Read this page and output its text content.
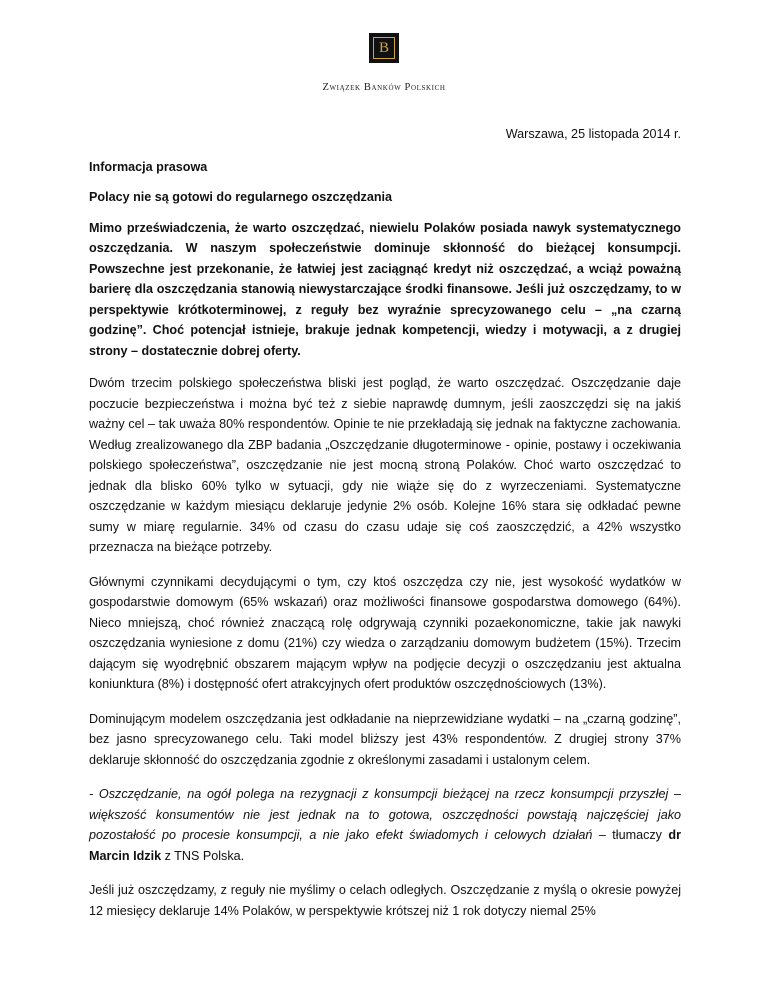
B
Związek Banków Polskich
Warszawa, 25 listopada 2014 r.

Informacja prasowa

Polacy nie są gotowi do regularnego oszczędzania

Mimo przeświadczenia, że warto oszczędzać, niewielu Polaków posiada nawyk systematycznego oszczędzania. W naszym społeczeństwie dominuje skłonność do bieżącej konsumpcji. Powszechne jest przekonanie, że łatwiej jest zaciągnąć kredyt niż oszczędzać, a wciąż poważną barierę dla oszczędzania stanowią niewystarczające środki finansowe. Jeśli już oszczędzamy, to w perspektywie krótkoterminowej, z reguły bez wyraźnie sprecyzowanego celu – „na czarną godzinę”. Choć potencjał istnieje, brakuje jednak kompetencji, wiedzy i motywacji, a z drugiej strony – dostatecznie dobrej oferty.

Dwóm trzecim polskiego społeczeństwa bliski jest pogląd, że warto oszczędzać. Oszczędzanie daje poczucie bezpieczeństwa i można być też z siebie naprawdę dumnym, jeśli zaoszczędzi się na jakiś ważny cel – tak uważa 80% respondentów. Opinie te nie przekładają się jednak na faktyczne zachowania. Według zrealizowanego dla ZBP badania „Oszczędzanie długoterminowe - opinie, postawy i oczekiwania polskiego społeczeństwa”, oszczędzanie nie jest mocną stroną Polaków. Choć warto oszczędzać to jednak dla blisko 60% tylko w sytuacji, gdy nie wiąże się do z wyrzeczeniami. Systematyczne oszczędzanie w każdym miesiącu deklaruje jedynie 2% osób. Kolejne 16% stara się odkładać pewne sumy w miarę regularnie. 34% od czasu do czasu udaje się coś zaoszczędzić, a 42% wszystko przeznacza na bieżące potrzeby.

Głównymi czynnikami decydującymi o tym, czy ktoś oszczędza czy nie, jest wysokość wydatków w gospodarstwie domowym (65% wskazań) oraz możliwości finansowe gospodarstwa domowego (64%). Nieco mniejszą, choć również znaczącą rolę odgrywają czynniki pozaekonomiczne, takie jak nawyki oszczędzania wyniesione z domu (21%) czy wiedza o zarządzaniu domowym budżetem (15%). Trzecim dającym się wyodrębnić obszarem mającym wpływ na podjęcie decyzji o oszczędzaniu jest aktualna koniunktura (8%) i dostępność ofert atrakcyjnych ofert produktów oszczędnościowych (13%).

Dominującym modelem oszczędzania jest odkładanie na nieprzewidziane wydatki – na „czarną godzinę”, bez jasno sprecyzowanego celu. Taki model bliższy jest 43% respondentów. Z drugiej strony 37% deklaruje skłonność do oszczędzania zgodnie z określonymi zasadami i ustalonym celem.

- Oszczędzanie, na ogół polega na rezygnacji z konsumpcji bieżącej na rzecz konsumpcji przyszłej – większość konsumentów nie jest jednak na to gotowa, oszczędności powstają najczęściej jako pozostałość po procesie konsumpcji, a nie jako efekt świadomych i celowych działań – tłumaczy dr Marcin Idzik z TNS Polska.

Jeśli już oszczędzamy, z reguły nie myślimy o celach odległych. Oszczędzanie z myślą o okresie powyżej 12 miesięcy deklaruje 14% Polaków, w perspektywie krótszej niż 1 rok dotyczy niemal 25%
